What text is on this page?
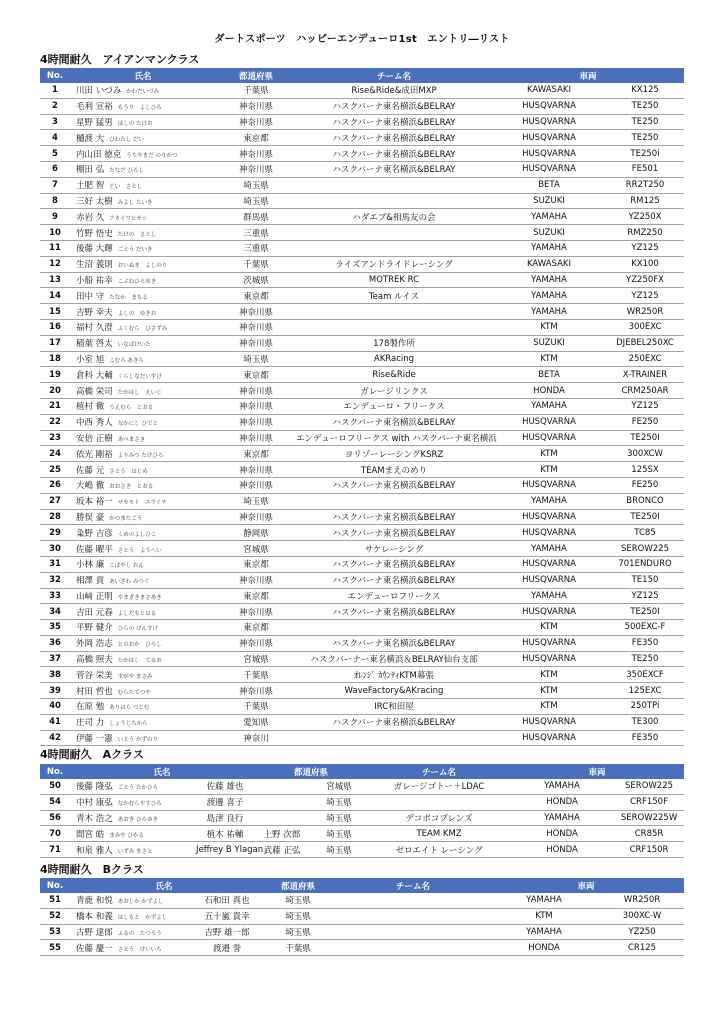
ダートスポーツ　ハッピーエンデューロ1st　エントリ―リスト
4時間耐久　アイアンマンクラス
No.	氏名	都道府県	チーム名	車両	
1	川田 いづみ かわだいづみ	千葉県	Rise&Ride&成田MXP	KAWASAKI	KX125
2	毛利 宣裕 もうり　よしひろ	神奈川県	ハスクバーナ東名横浜&BELRAY	HUSQVARNA	TE250
3	星野 猛男 ほしの たけお	神奈川県	ハスクバーナ東名横浜&BELRAY	HUSQVARNA	TE250
4	樋渡 大 ひわたし だい	東京都	ハスクバーナ東名横浜&BELRAY	HUSQVARNA	TE250
5	内山田 徳克 うちやまだ のりかつ	神奈川県	ハスクバーナ東名横浜&BELRAY	HUSQVARNA	TE250i
6	棚田 弘 たなだ ひろし	神奈川県	ハスクバーナ東名横浜&BELRAY	HUSQVARNA	FE501
7	土肥 智 どい　さとし	埼玉県		BETA	RR2T250
8	三好 太樹 みよし たいき	埼玉県		SUZUKI	RM125
9	赤岩 久 アカイワヒサシ	群馬県	ハダエブ&相馬友の会	YAMAHA	YZ250X
10	竹野 悟史 たけの　さとし	三重県		SUZUKI	RMZ250
11	後藤 大輝 ごとう だいき	三重県		YAMAHA	YZ125
12	生沼 義則 おいぬま　よしのり	千葉県	ライズアンドライドレーシング	KAWASAKI	KX100
13	小船 祐幸 こぶねひろゆき	茨城県	MOTREK RC	YAMAHA	YZ250FX
14	田中 守 たなか　まもる	東京都	Team ルイス	YAMAHA	YZ125
15	吉野 幸夫 よしの　ゆきお	神奈川県		YAMAHA	WR250R
16	福村 久澄 ふくむら　ひさずみ	神奈川県		KTM	300EXC
17	稲葉 啓太 いなばけいた	神奈川県	178製作所	SUZUKI	DJEBEL250XC
18	小室 旭 こむろ あきら	埼玉県	AKRacing	KTM	250EXC
19	倉科 大輔 くらしなだいすけ	東京都	Rise&Ride	BETA	X-TRAINER
20	高橋 栄司 たかはし　えいじ	神奈川県	ガレージリンクス	HONDA	CRM250AR
21	植村 徹 うえむら　とおる	神奈川県	エンデューロ・フリークス	YAMAHA	YZ125
22	中西 秀人 なかにし ひでと	神奈川県	ハスクバーナ東名横浜&BELRAY	HUSQVARNA	FE250
23	安倍 正樹 あべまさき	神奈川県	エンデューロフリークス with ハスクバーナ東名横浜	HUSQVARNA	TE250I
24	依光 剛裕 よりみつ たけひろ	東京都	ヨリゾーレーシングKSRZ	KTM	300XCW
25	佐藤 元 さとう　はじめ	神奈川県	TEAMまえのめり	KTM	125SX
26	大嶋 徹 おおさき　とおる	神奈川県	ハスクバーナ東名横浜&BELRAY	HUSQVARNA	FE250
27	坂本 裕一 サカモト　ユウイチ	埼玉県		YAMAHA	BRONCO
28	勝俣 豪 かつまたごう	神奈川県	ハスクバーナ東名横浜&BELRAY	HUSQVARNA	TE250I
29	粂野 吉彦 くめのよしひこ	静岡県	ハスクバーナ東名横浜&BELRAY	HUSQVARNA	TC85
30	佐藤 曜平 さとう　ようへい	宮城県	サケレーシング	YAMAHA	SEROW225
31	小林 廉 こばやし れん	東京都	ハスクバーナ東名横浜&BELRAY	HUSQVARNA	701ENDURO
32	相澤 貢 あいざわ みつぐ	神奈川県	ハスクバーナ東名横浜&BELRAY	HUSQVARNA	TE150
33	山﨑 正明 やまざきまさあき	東京都	エンデューロフリークス	YAMAHA	YZ125
34	吉田 元春 よしだもとはる	神奈川県	ハスクバーナ東名横浜&BELRAY	HUSQVARNA	TE250I
35	平野 健介 ひらの けんすけ	東京都		KTM	500EXC-F
36	外岡 浩志 とのおか　ひろし	神奈川県	ハスクバーナ東名横浜&BELRAY	HUSQVARNA	FE350
37	高橋 照夫 たかはし　てるお	宮城県	ハスクバーナー東名横浜＆BELRAY仙台支部	HUSQVARNA	TE250
38	菅谷 栄美 すがや まさみ	千葉県	ｵﾚﾝｼﾞ ｶｳﾝﾃｨKTM幕張	KTM	350EXCF
39	村田 哲也 むらたてつや	神奈川県	WaveFactory&AKracing	KTM	125EXC
40	在原 勉 ありはら つとむ	千葉県	IRC和田屋	KTM	250TPi
41	庄司 力 しょうじちから	愛知県	ハスクバーナ東名横浜&BELRAY	HUSQVARNA	TE300
42	伊藤 一憲 いとう かずのり	神奈川		HUSQVARNA	FE350
4時間耐久　Aクラス
No.	氏名		都道府県		チーム名	車両	
50	後藤 隆弘 ごとう たかひろ	佐藤 雄也		宮城県	ガレージゴトー＋LDAC	YAMAHA	SEROW225
54	中村 康弘 なかむらやすひろ	渡邊 喜子		埼玉県		HONDA	CRF150F
56	青木 浩之 あおき ひろゆき	島津 良行		埼玉県	デコボコブレンズ	YAMAHA	SEROW225W
70	間宮 皓 まみや ひかる	植木 祐輔	上野 次郎	埼玉県	TEAM KMZ	HONDA	CR85R
71	和泉 雅人 いずみ まさと	Jeffrey B Ylagan	武藤 正弘	埼玉県	ゼロエイト レーシング	HONDA	CRF150R
4時間耐久　Bクラス
No.	氏名		都道府県	チーム名	車両	
51	青鹿 和悦 あおしか かずよし	石和田 真也	埼玉県		YAMAHA	WR250R
52	橋本 和義 はしもと　かずよし	五十嵐 貴幸	埼玉県		KTM	300XC-W
53	古野 達郎 ふるの　たつろう	吉野 雄一郎	埼玉県		YAMAHA	YZ250
55	佐藤 慶一 さとう　けいいち	渡邉 誉	千葉県		HONDA	CR125
